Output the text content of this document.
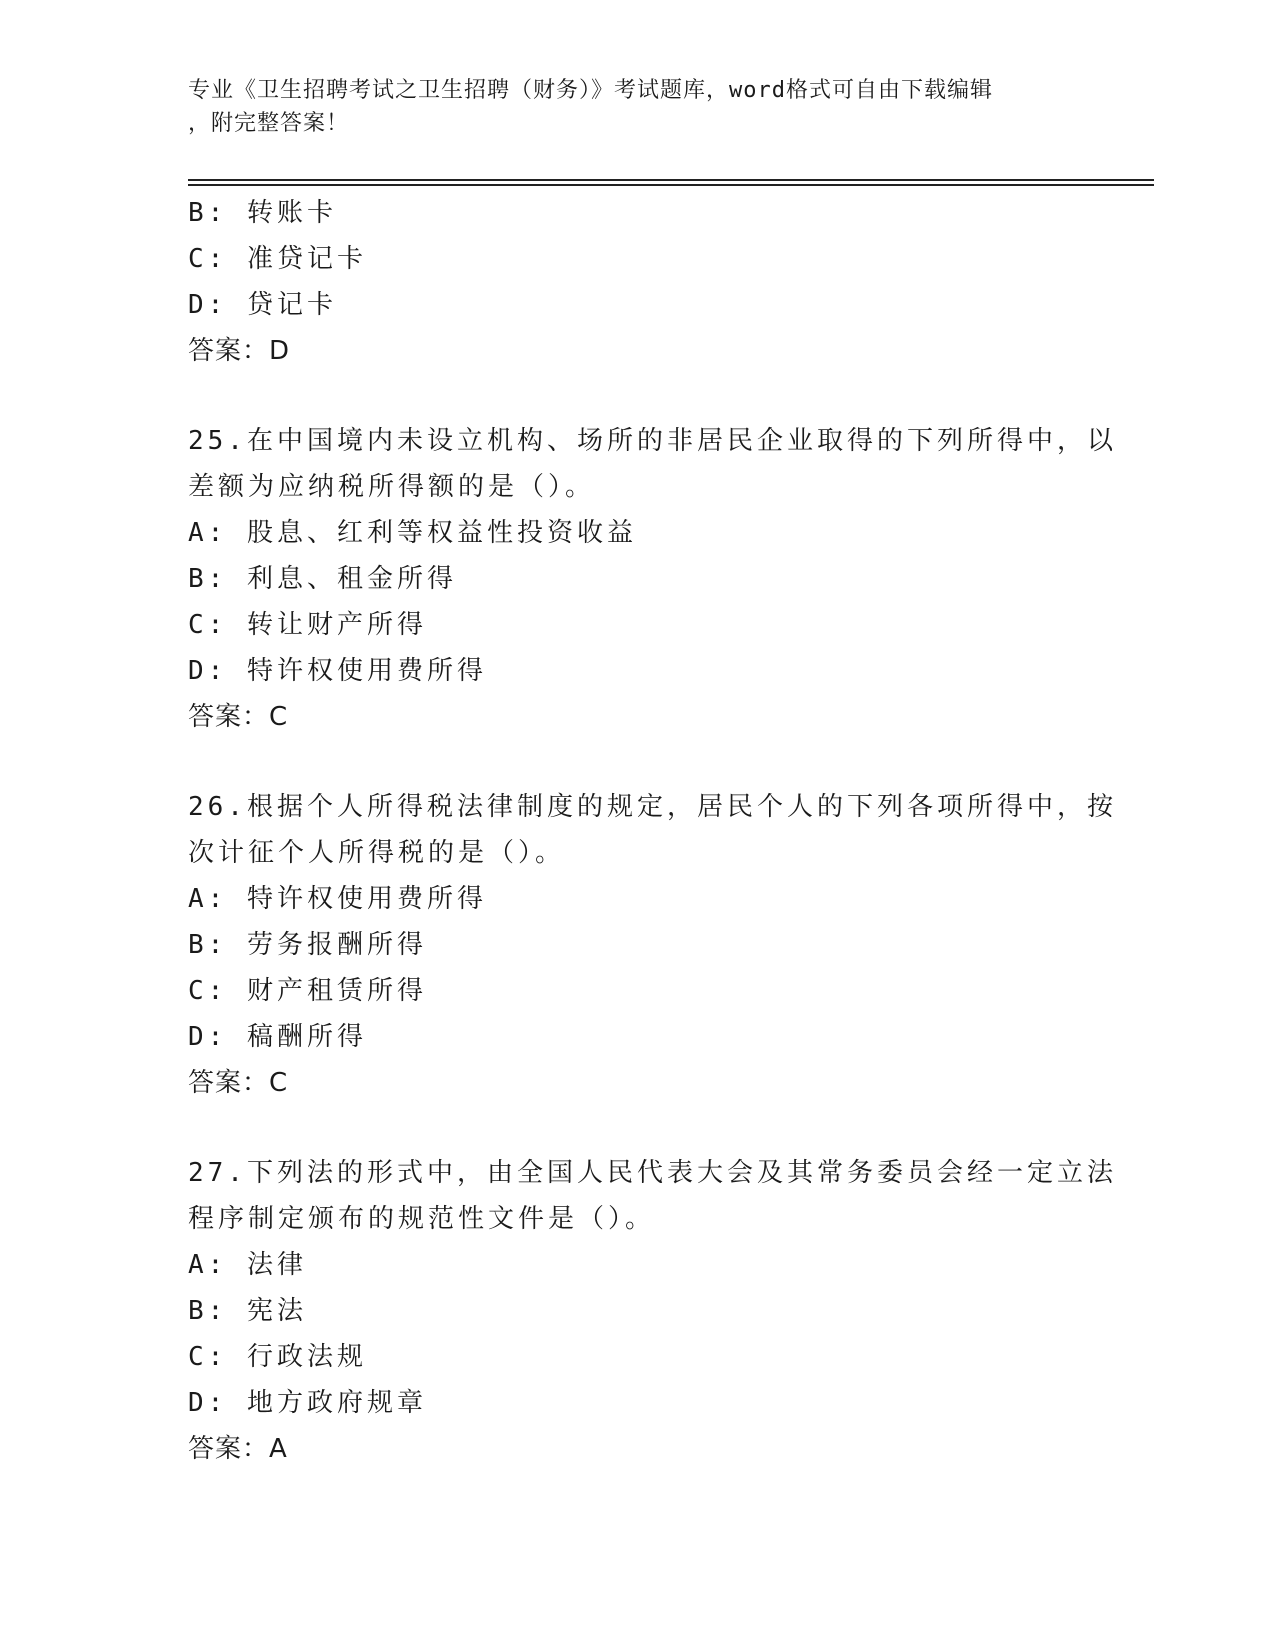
专业《卫生招聘考试之卫生招聘（财务）》考试题库，word格式可自由下载编辑
，附完整答案！
B: 转账卡
C: 准贷记卡
D: 贷记卡
答案：D
25.在中国境内未设立机构、场所的非居民企业取得的下列所得中，以
差额为应纳税所得额的是（）。
A: 股息、红利等权益性投资收益
B: 利息、租金所得
C: 转让财产所得
D: 特许权使用费所得
答案：C
26.根据个人所得税法律制度的规定，居民个人的下列各项所得中，按
次计征个人所得税的是（）。
A: 特许权使用费所得
B: 劳务报酬所得
C: 财产租赁所得
D: 稿酬所得
答案：C
27.下列法的形式中，由全国人民代表大会及其常务委员会经一定立法
程序制定颁布的规范性文件是（）。
A: 法律
B: 宪法
C: 行政法规
D: 地方政府规章
答案：A
